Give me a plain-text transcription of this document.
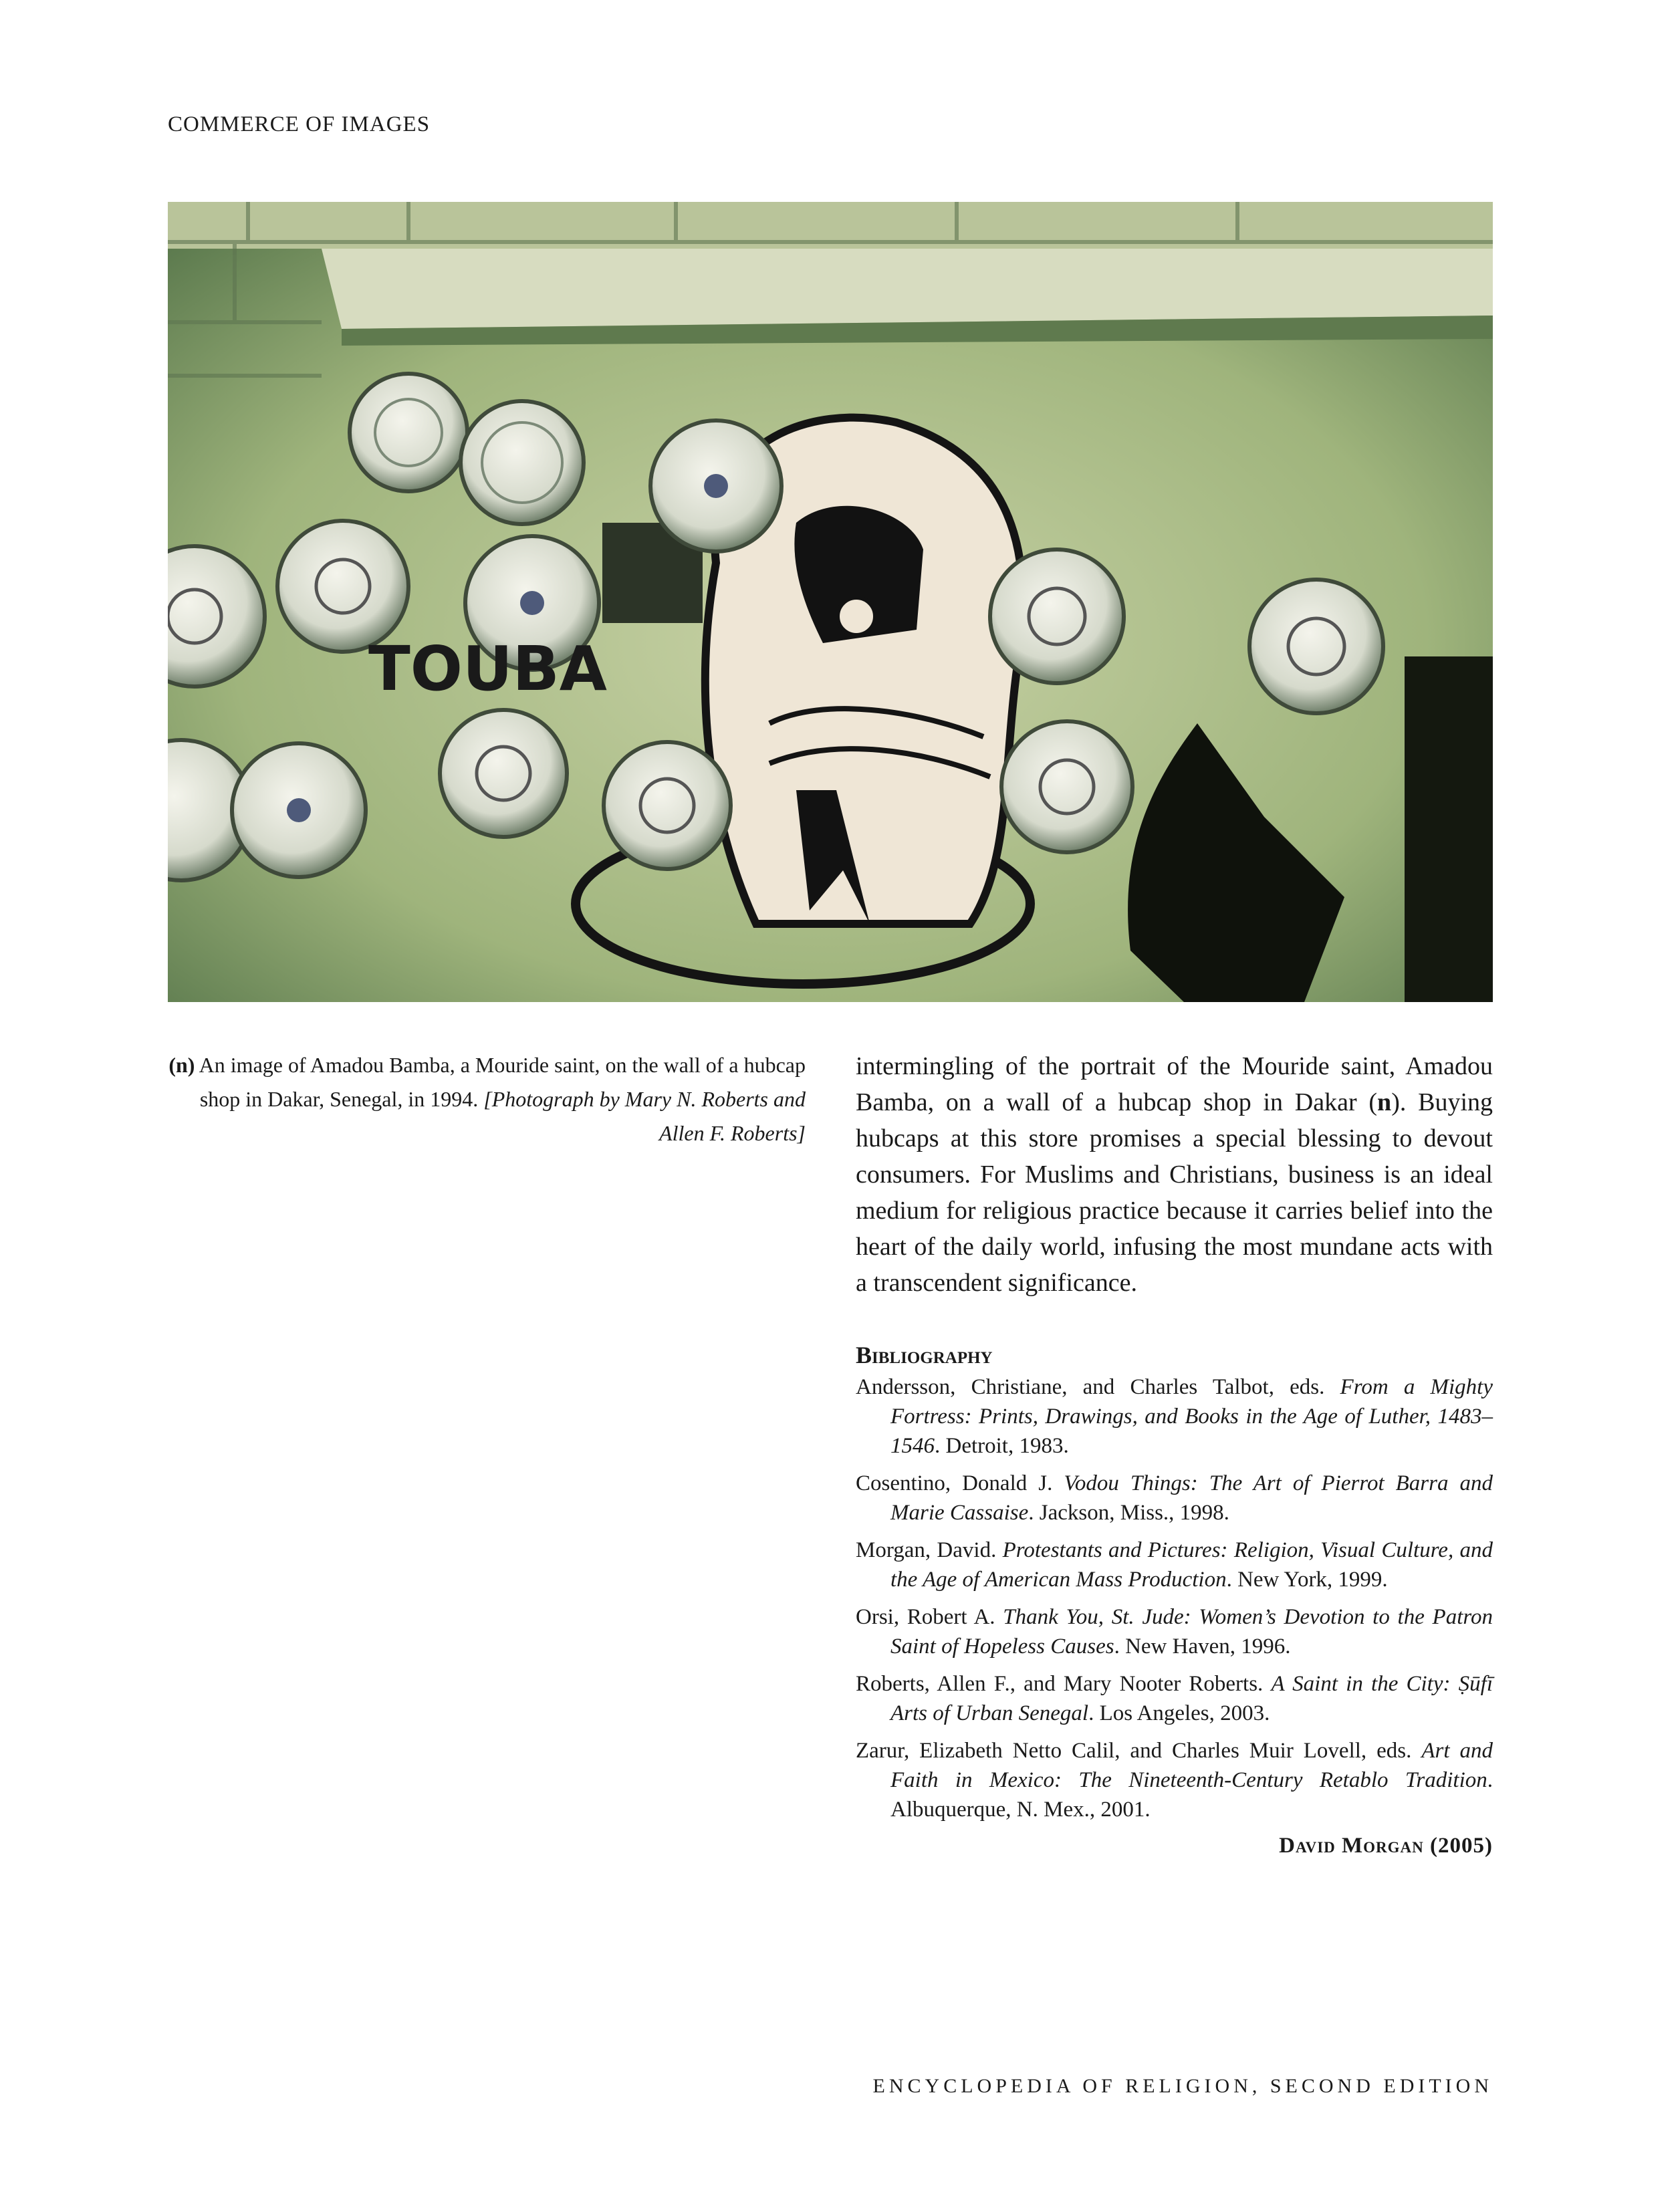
COMMERCE OF IMAGES
TOUBA
(n) An image of Amadou Bamba, a Mouride saint, on the wall of a hubcap shop in Dakar, Senegal, in 1994. [Photograph by Mary N. Roberts and Allen F. Roberts]
intermingling of the portrait of the Mouride saint, Amadou Bamba, on a wall of a hubcap shop in Dakar (n). Buying hubcaps at this store promises a special blessing to devout consumers. For Muslims and Christians, business is an ideal medium for religious practice because it carries belief into the heart of the daily world, infusing the most mundane acts with a transcendent significance.
Bibliography
Andersson, Christiane, and Charles Talbot, eds. From a Mighty Fortress: Prints, Drawings, and Books in the Age of Luther, 1483–1546. Detroit, 1983.
Cosentino, Donald J. Vodou Things: The Art of Pierrot Barra and Marie Cassaise. Jackson, Miss., 1998.
Morgan, David. Protestants and Pictures: Religion, Visual Culture, and the Age of American Mass Production. New York, 1999.
Orsi, Robert A. Thank You, St. Jude: Women’s Devotion to the Patron Saint of Hopeless Causes. New Haven, 1996.
Roberts, Allen F., and Mary Nooter Roberts. A Saint in the City: Ṣūfī Arts of Urban Senegal. Los Angeles, 2003.
Zarur, Elizabeth Netto Calil, and Charles Muir Lovell, eds. Art and Faith in Mexico: The Nineteenth-Century Retablo Tradition. Albuquerque, N. Mex., 2001.
David Morgan (2005)
ENCYCLOPEDIA OF RELIGION, SECOND EDITION
